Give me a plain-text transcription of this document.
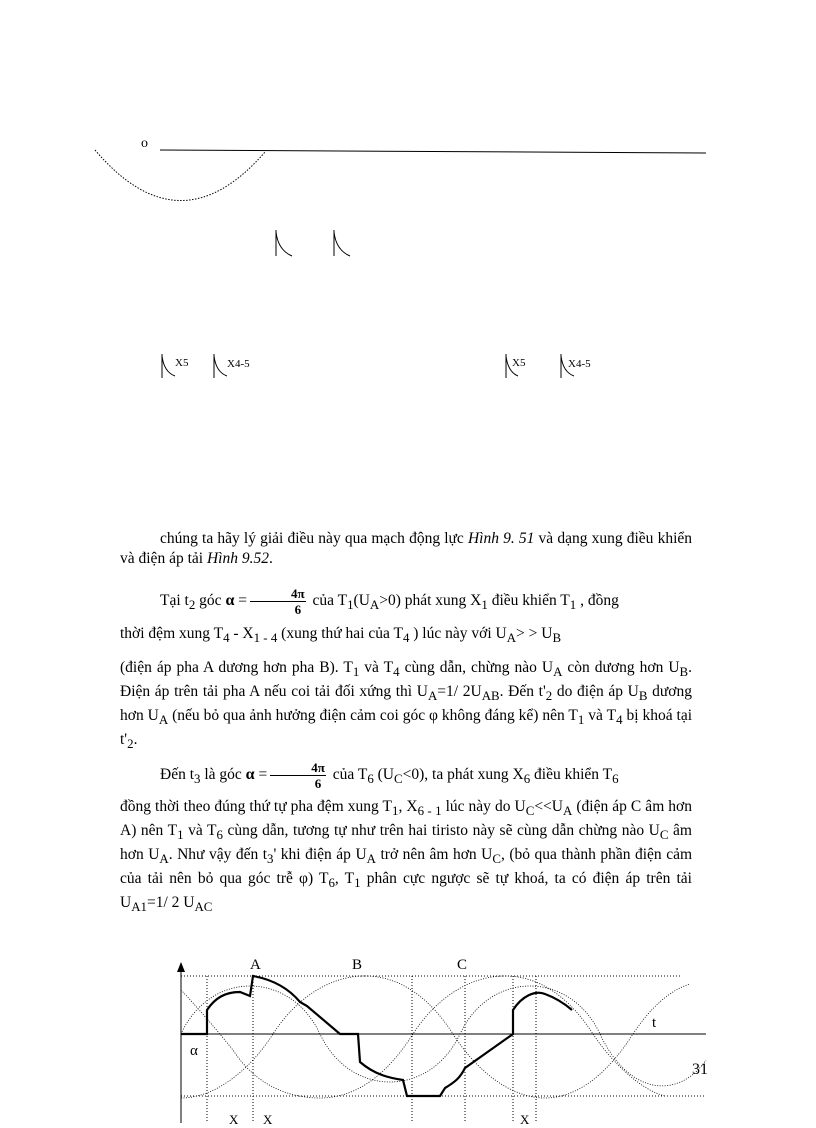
o
X5	X4-5	X5	X4-5
chúng ta hãy lý giải điều này qua mạch động lực Hình 9. 51 và dạng xung điều khiển và điện áp tải Hình 9.52.
Tại $t_2$ góc $\alpha = \frac{4\pi}{6}$ của $T_1(U_A>0)$ phát xung $X_1$ điều khiển $T_1$ , đồng
thời đệm xung $T_4 - X_{1 - 4}$ (xung thứ hai của $T_4$ ) lúc này với $U_A> > U_B$
(điện áp pha A dương hơn pha B). $T_1$ và $T_4$ cùng dẫn, chừng nào $U_A$ còn dương hơn $U_B$. Điện áp trên tải pha A nếu coi tải đối xứng thì $U_A=1/$ $2U_{AB}$. Đến $t'_2$ do điện áp $U_B$ dương hơn $U_A$ (nếu bỏ qua ảnh hưởng điện cảm coi góc φ không đáng kể) nên $T_1$ và $T_4$ bị khoá tại $t'_2$.
Đến $t_3$ là góc $\alpha = \frac{4\pi}{6}$ của $T_6$ $(U_C<0)$, ta phát xung $X_6$ điều khiển $T_6$
đồng thời theo đúng thứ tự pha đệm xung $T_1$, $X_{6 - 1}$ lúc này do $U_C<<U_A$ (điện áp C âm hơn A) nên $T_1$ và $T_6$ cùng dẫn, tương tự như trên hai tiristo này sẽ cùng dẫn chừng nào $U_C$ âm hơn $U_A$. Như vậy đến $t_3'$ khi điện áp $U_A$ trở nên âm hơn $U_C$, (bỏ qua thành phần điện cảm của tải nên bỏ qua góc trễ φ) $T_6$, $T_1$ phân cực ngược sẽ tự khoá, ta có điện áp trên tải $U_{A1}=1/$ 2 $U_{AC}$
A	B	C
t
α
X X	X
31
